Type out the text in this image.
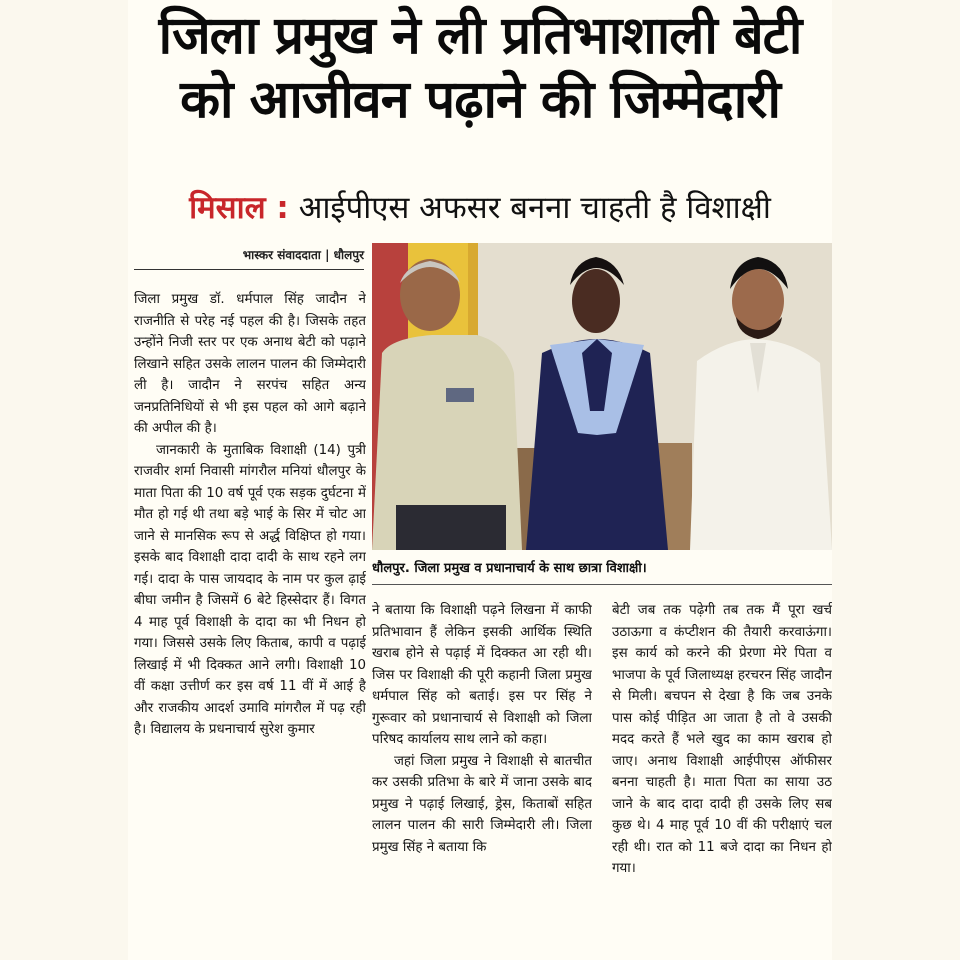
जिला प्रमुख ने ली प्रतिभाशाली बेटी
को आजीवन पढ़ाने की जिम्मेदारी
मिसाल : आईपीएस अफसर बनना चाहती है विशाक्षी
भास्कर संवाददाता | धौलपुर

जिला प्रमुख डॉ. धर्मपाल सिंह जादौन ने राजनीति से परेह नई पहल की है। जिसके तहत उन्होंने निजी स्तर पर एक अनाथ बेटी को पढ़ाने लिखाने सहित उसके लालन पालन की जिम्मेदारी ली है। जादौन ने सरपंच सहित अन्य जनप्रतिनिधियों से भी इस पहल को आगे बढ़ाने की अपील की है।

जानकारी के मुताबिक विशाक्षी (14) पुत्री राजवीर शर्मा निवासी मांगरौल मनियां धौलपुर के माता पिता की 10 वर्ष पूर्व एक सड़क दुर्घटना में मौत हो गई थी तथा बड़े भाई के सिर में चोट आ जाने से मानसिक रूप से अर्द्ध विक्षिप्त हो गया। इसके बाद विशाक्षी दादा दादी के साथ रहने लग गई। दादा के पास जायदाद के नाम पर कुल ढ़ाई बीघा जमीन है जिसमें 6 बेटे हिस्सेदार हैं। विगत 4 माह पूर्व विशाक्षी के दादा का भी निधन हो गया। जिससे उसके लिए किताब, कापी व पढ़ाई लिखाई में भी दिक्कत आने लगी। विशाक्षी 10 वीं कक्षा उत्तीर्ण कर इस वर्ष 11 वीं में आई है और राजकीय आदर्श उमावि मांगरौल में पढ़ रही है। विद्यालय के प्रधनाचार्य सुरेश कुमार

धौलपुर. जिला प्रमुख व प्रधानाचार्य के साथ छात्रा विशाक्षी।

ने बताया कि विशाक्षी पढ़ने लिखना में काफी प्रतिभावान हैं लेकिन इसकी आर्थिक स्थिति खराब होने से पढ़ाई में दिक्कत आ रही थी। जिस पर विशाक्षी की पूरी कहानी जिला प्रमुख धर्मपाल सिंह को बताई। इस पर सिंह ने गुरूवार को प्रधानाचार्य से विशाक्षी को जिला परिषद कार्यालय साथ लाने को कहा।

जहां जिला प्रमुख ने विशाक्षी से बातचीत कर उसकी प्रतिभा के बारे में जाना उसके बाद प्रमुख ने पढ़ाई लिखाई, ड्रेस, किताबों सहित लालन पालन की सारी जिम्मेदारी ली। जिला प्रमुख सिंह ने बताया कि

बेटी जब तक पढ़ेगी तब तक मैं पूरा खर्च उठाऊगा व कंप्टीशन की तैयारी करवाऊंगा। इस कार्य को करने की प्रेरणा मेरे पिता व भाजपा के पूर्व जिलाध्यक्ष हरचरन सिंह जादौन से मिली। बचपन से देखा है कि जब उनके पास कोई पीड़ित आ जाता है तो वे उसकी मदद करते हैं भले खुद का काम खराब हो जाए। अनाथ विशाक्षी आईपीएस ऑफीसर बनना चाहती है। माता पिता का साया उठ जाने के बाद दादा दादी ही उसके लिए सब कुछ थे। 4 माह पूर्व 10 वीं की परीक्षाएं चल रही थी। रात को 11 बजे दादा का निधन हो गया।
